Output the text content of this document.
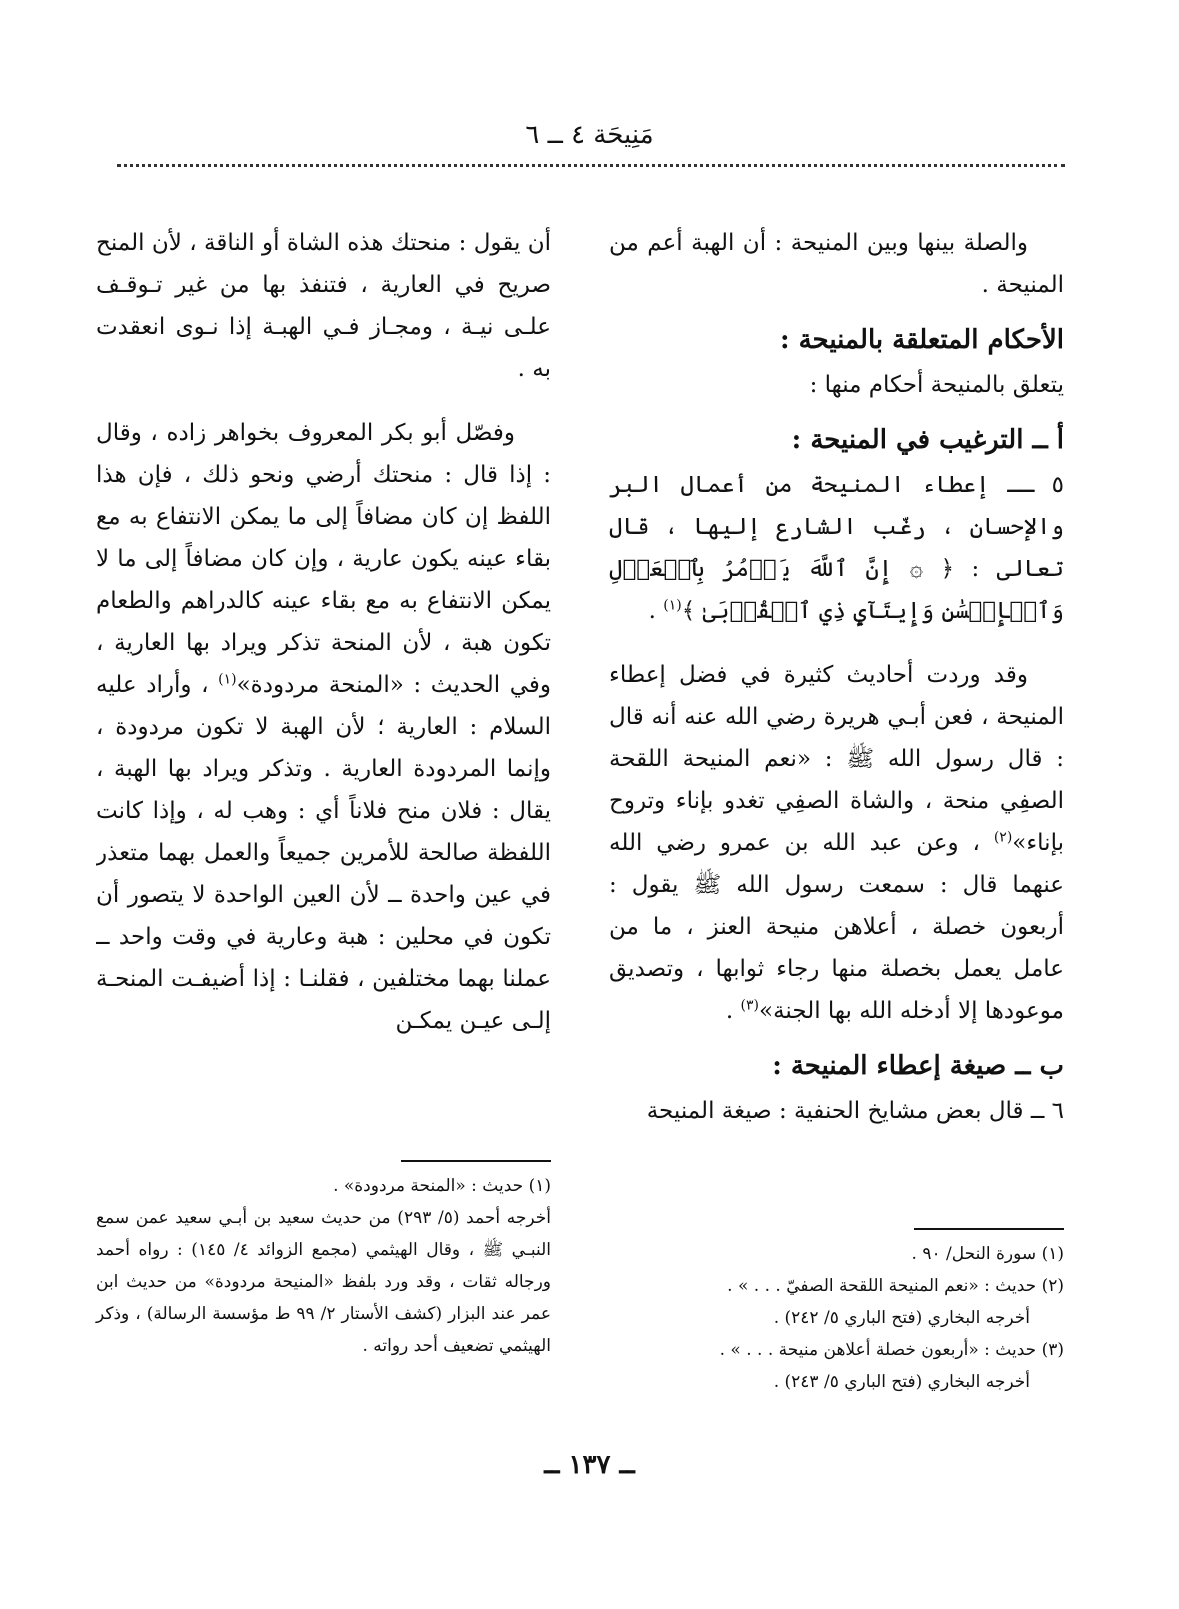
مَنِيحَة ٤ ــ ٦

والصلة بينها وبين المنيحة : أن الهبة أعم من المنيحة .

الأحكام المتعلقة بالمنيحة :

يتعلق بالمنيحة أحكام منها :

أ ــ الترغيب في المنيحة :

٥ ــ إعطاء المنيحة من أعمال البر والإحسان ، رغّب الشارع إليها ، قال تعالى : ﴿ ۞ إِنَّ ٱللَّهَ يَأۡمُرُ بِٱلۡعَدۡلِ وَٱلۡإِحۡسَٰنِ وَإِيتَآيِٕ ذِي ٱلۡقُرۡبَىٰ ﴾$^{(١)}$ .

وقد وردت أحاديث كثيرة في فضل إعطاء المنيحة ، فعن أبـي هريرة رضي الله عنه أنه قال : قال رسول الله ﷺ : «نعم المنيحة اللقحة الصفِي منحة ، والشاة الصفِي تغدو بإناء وتروح بإناء»$^{(٢)}$ ، وعن عبد الله بن عمرو رضي الله عنهما قال : سمعت رسول الله ﷺ يقول : أربعون خصلة ، أعلاهن منيحة العنز ، ما من عامل يعمل بخصلة منها رجاء ثوابها ، وتصديق موعودها إلا أدخله الله بها الجنة»$^{(٣)}$ .

ب ــ صيغة إعطاء المنيحة :

٦ ــ قال بعض مشايخ الحنفية : صيغة المنيحة

أن يقول : منحتك هذه الشاة أو الناقة ، لأن المنح صريح في العارية ، فتنفذ بها من غير تـوقـف علـى نيـة ، ومجـاز فـي الهبـة إذا نـوى انعقدت به .

وفصّل أبو بكر المعروف بخواهر زاده ، وقال : إذا قال : منحتك أرضي ونحو ذلك ، فإن هذا اللفظ إن كان مضافاً إلى ما يمكن الانتفاع به مع بقاء عينه يكون عارية ، وإن كان مضافاً إلى ما لا يمكن الانتفاع به مع بقاء عينه كالدراهم والطعام تكون هبة ، لأن المنحة تذكر ويراد بها العارية ، وفي الحديث : «المنحة مردودة»$^{(١)}$ ، وأراد عليه السلام : العارية ؛ لأن الهبة لا تكون مردودة ، وإنما المردودة العارية . وتذكر ويراد بها الهبة ، يقال : فلان منح فلاناً أي : وهب له ، وإذا كانت اللفظة صالحة للأمرين جميعاً والعمل بهما متعذر في عين واحدة ــ لأن العين الواحدة لا يتصور أن تكون في محلين : هبة وعارية في وقت واحد ــ عملنا بهما مختلفين ، فقلنـا : إذا أضيفـت المنحـة إلـى عيـن يمكـن

(١) سورة النحل/ ٩٠ .

(٢) حديث : «نعم المنيحة اللقحة الصفيّ . . . » .

أخرجه البخاري (فتح الباري ٥/ ٢٤٢) .

(٣) حديث : «أربعون خصلة أعلاهن منيحة . . . » .

أخرجه البخاري (فتح الباري ٥/ ٢٤٣) .

(١) حديث : «المنحة مردودة» .

أخرجه أحمد (٥/ ٢٩٣) من حديث سعيد بن أبـي سعيد عمن سمع النبـي ﷺ ، وقال الهيثمي (مجمع الزوائد ٤/ ١٤٥) : رواه أحمد ورجاله ثقات ، وقد ورد بلفظ «المنيحة مردودة» من حديث ابن عمر عند البزار (كشف الأستار ٢/ ٩٩ ط مؤسسة الرسالة) ، وذكر الهيثمي تضعيف أحد رواته .

ــ ١٣٧ ــ
